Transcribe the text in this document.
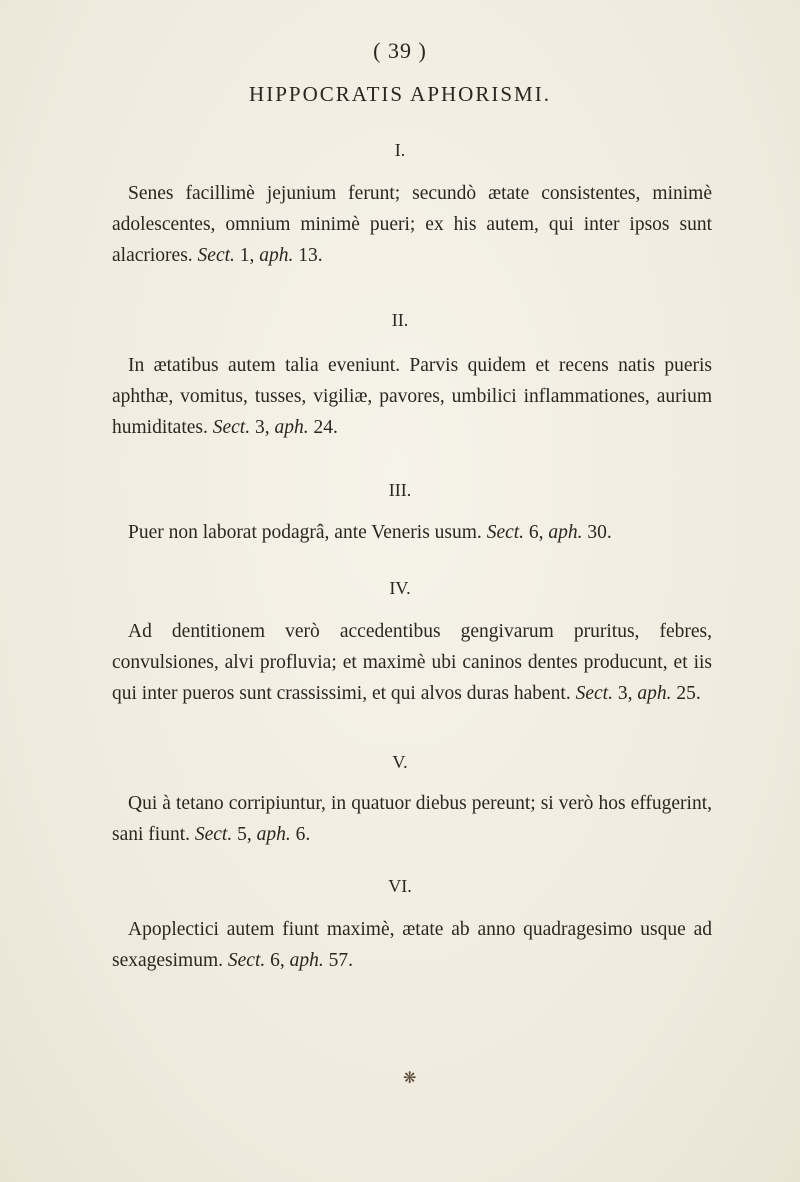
( 39 )
HIPPOCRATIS APHORISMI.
I.
Senes facillimè jejunium ferunt; secundò ætate consistentes, minimè adolescentes, omnium minimè pueri; ex his autem, qui inter ipsos sunt alacriores. Sect. 1, aph. 13.
II.
In ætatibus autem talia eveniunt. Parvis quidem et recens natis pueris aphthæ, vomitus, tusses, vigiliæ, pavores, umbilici inflammationes, aurium humiditates. Sect. 3, aph. 24.
III.
Puer non laborat podagrâ, ante Veneris usum. Sect. 6, aph. 30.
IV.
Ad dentitionem verò accedentibus gengivarum pruritus, febres, convulsiones, alvi profluvia; et maximè ubi caninos dentes producunt, et iis qui inter pueros sunt crassissimi, et qui alvos duras habent. Sect. 3, aph. 25.
V.
Qui à tetano corripiuntur, in quatuor diebus pereunt; si verò hos effugerint, sani fiunt. Sect. 5, aph. 6.
VI.
Apoplectici autem fiunt maximè, ætate ab anno quadragesimo usque ad sexagesimum. Sect. 6, aph. 57.
❋
